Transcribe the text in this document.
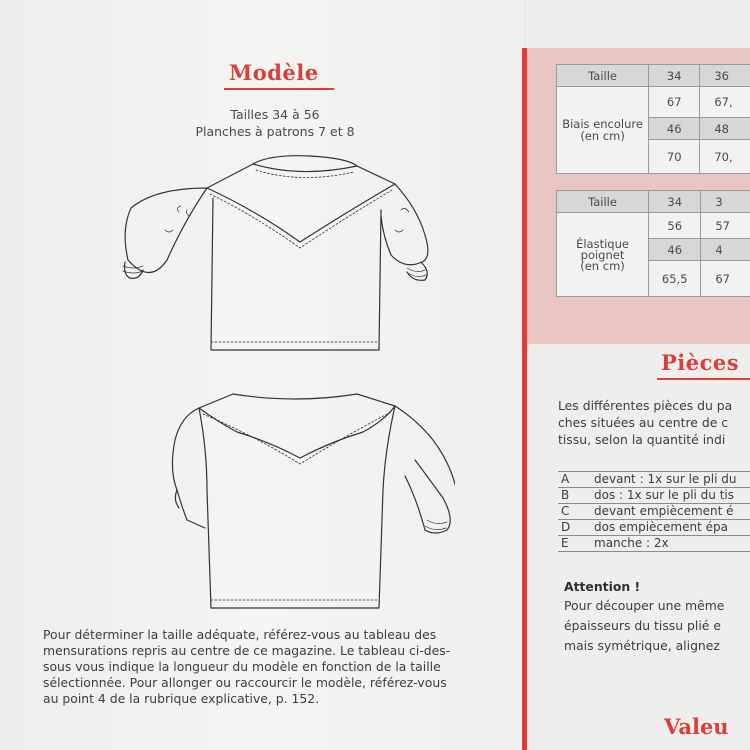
Modèle
Tailles 34 à 56
Planches à patrons 7 et 8
Pour déterminer la taille adéquate, référez-vous au tableau des
mensurations repris au centre de ce magazine. Le tableau ci-des-
sous vous indique la longueur du modèle en fonction de la taille
sélectionnée. Pour allonger ou raccourcir le modèle, référez-vous
au point 4 de la rubrique explicative, p. 152.
Taille	34	36

Biais encolure
(en cm)	67	67,
	46	48
	70	70,
Taille	34	3

Élastique
poignet
(en cm)	56	57
	46	4
	65,5	67
Pièces
Les différentes pièces du pa
ches situées au centre de c
tissu, selon la quantité indi
A devant : 1x sur le pli du
B dos : 1x sur le pli du tis
C devant empiècement é
D dos empiècement épa
E manche : 2x
Attention !
Pour découper une même
épaisseurs du tissu plié e
mais symétrique, alignez
Valeu
